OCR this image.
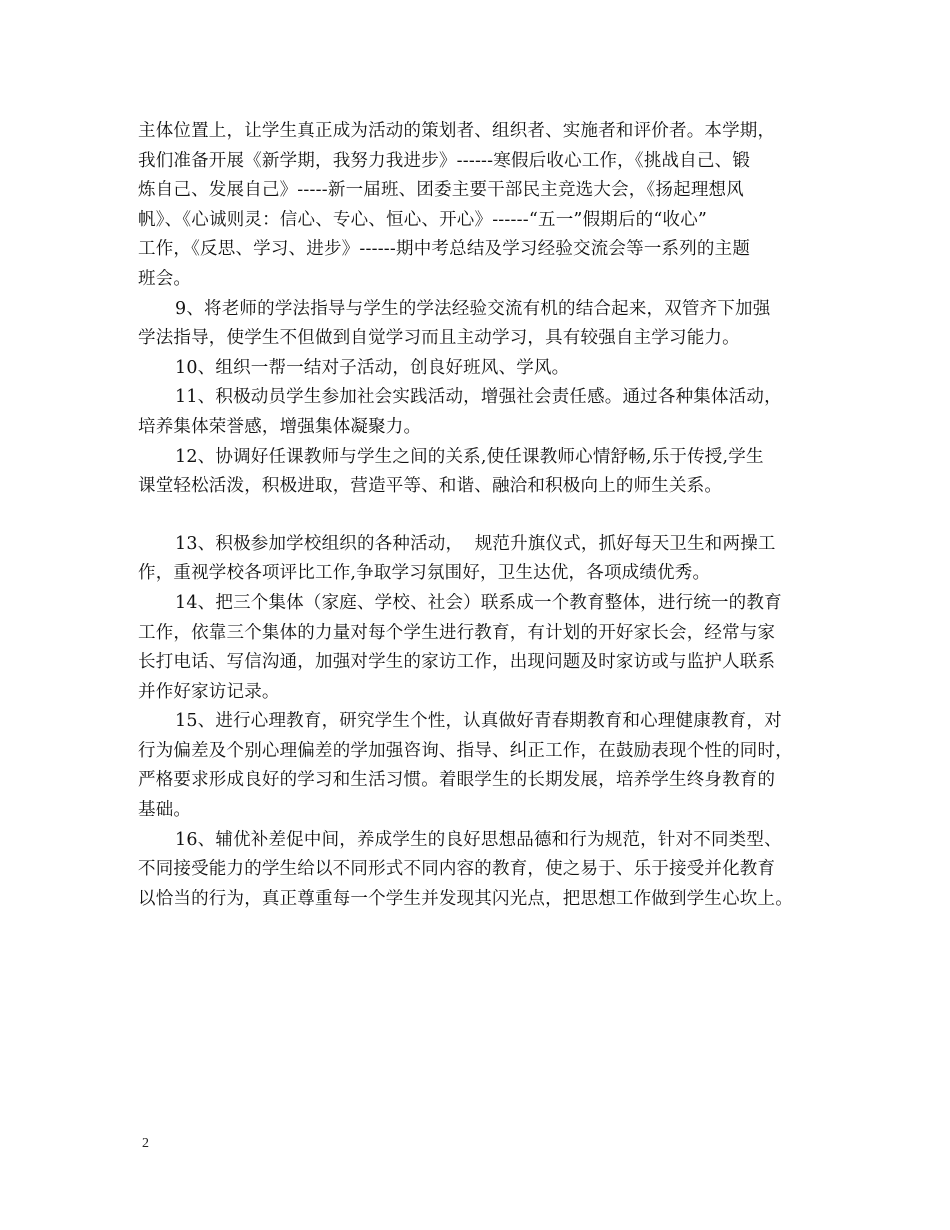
主体位置上，让学生真正成为活动的策划者、组织者、实施者和评价者。本学期，
我们准备开展《新学期，我努力我进步》------寒假后收心工作，《挑战自己、锻
炼自己、发展自己》-----新一届班、团委主要干部民主竞选大会，《扬起理想风
帆》、《心诚则灵：信心、专心、恒心、开心》------“五一”假期后的“收心”
工作，《反思、学习、进步》------期中考总结及学习经验交流会等一系列的主题
班会。
9、将老师的学法指导与学生的学法经验交流有机的结合起来，双管齐下加强
学法指导，使学生不但做到自觉学习而且主动学习，具有较强自主学习能力。
10、组织一帮一结对子活动，创良好班风、学风。
11、积极动员学生参加社会实践活动，增强社会责任感。通过各种集体活动，
培养集体荣誉感，增强集体凝聚力。
12、协调好任课教师与学生之间的关系,使任课教师心情舒畅,乐于传授,学生
课堂轻松活泼，积极进取，营造平等、和谐、融洽和积极向上的师生关系。
13、积极参加学校组织的各种活动，  规范升旗仪式，抓好每天卫生和两操工
作，重视学校各项评比工作,争取学习氛围好，卫生达优，各项成绩优秀。
14、把三个集体（家庭、学校、社会）联系成一个教育整体，进行统一的教育
工作，依靠三个集体的力量对每个学生进行教育，有计划的开好家长会，经常与家
长打电话、写信沟通，加强对学生的家访工作，出现问题及时家访或与监护人联系
并作好家访记录。
15、进行心理教育，研究学生个性，认真做好青春期教育和心理健康教育，对
行为偏差及个别心理偏差的学加强咨询、指导、纠正工作，在鼓励表现个性的同时，
严格要求形成良好的学习和生活习惯。着眼学生的长期发展，培养学生终身教育的
基础。
16、辅优补差促中间，养成学生的良好思想品德和行为规范，针对不同类型、
不同接受能力的学生给以不同形式不同内容的教育，使之易于、乐于接受并化教育
以恰当的行为，真正尊重每一个学生并发现其闪光点，把思想工作做到学生心坎上。
2
